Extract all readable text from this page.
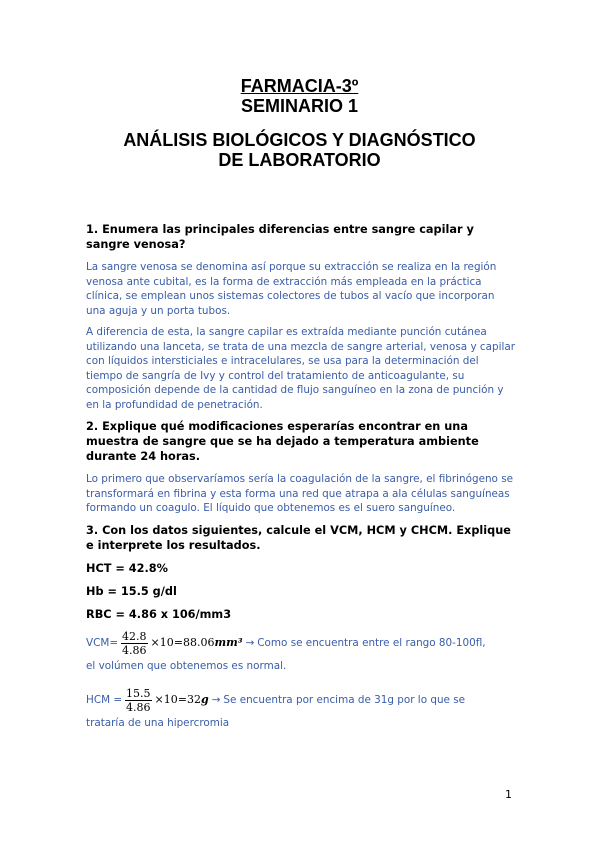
FARMACIA-3º
SEMINARIO 1
ANÁLISIS BIOLÓGICOS Y DIAGNÓSTICO
DE LABORATORIO

1. Enumera las principales diferencias entre sangre capilar y sangre venosa?

La sangre venosa se denomina así porque su extracción se realiza en la región venosa ante cubital, es la forma de extracción más empleada en la práctica clínica, se emplean unos sistemas colectores de tubos al vacío que incorporan una aguja y un porta tubos.

A diferencia de esta, la sangre capilar es extraída mediante punción cutánea utilizando una lanceta, se trata de una mezcla de sangre arterial, venosa y capilar con líquidos intersticiales e intracelulares, se usa para la determinación del tiempo de sangría de Ivy y control del tratamiento de anticoagulante, su composición depende de la cantidad de flujo sanguíneo en la zona de punción y en la profundidad de penetración.

2. Explique qué modificaciones esperarías encontrar en una muestra de sangre que se ha dejado a temperatura ambiente durante 24 horas.

Lo primero que observaríamos sería la coagulación de la sangre, el fibrinógeno se transformará en fibrina y esta forma una red que atrapa a ala células sanguíneas formando un coagulo. El líquido que obtenemos es el suero sanguíneo.

3. Con los datos siguientes, calcule el VCM, HCM y CHCM. Explique e interprete los resultados.

HCT = 42.8%

Hb = 15.5 g/dl

RBC = 4.86 x 106/mm3

$VCM= \frac{42.8}{4.86} \times 10=88.06$ mm³ → Como se encuentra entre el rango 80-100fl,

el volúmen que obtenemos es normal.

HCM = $\frac{15.5}{4.86} \times 10=32$ g → Se encuentra por encima de 31g por lo que se

trataría de una hipercromia

1
